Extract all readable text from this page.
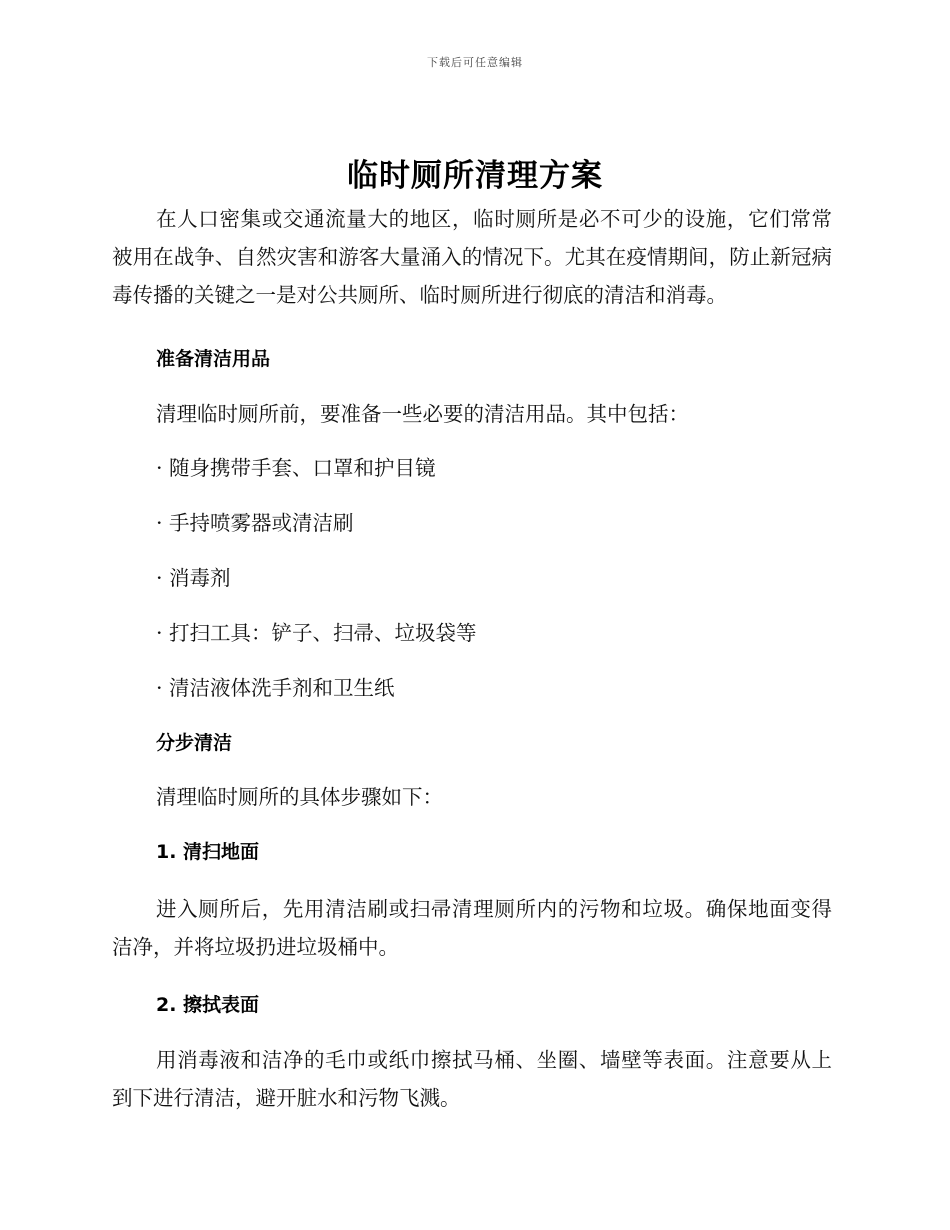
下载后可任意编辑
临时厕所清理方案

在人口密集或交通流量大的地区，临时厕所是必不可少的设施，它们常常被用在战争、自然灾害和游客大量涌入的情况下。尤其在疫情期间，防止新冠病毒传播的关键之一是对公共厕所、临时厕所进行彻底的清洁和消毒。

准备清洁用品
清理临时厕所前，要准备一些必要的清洁用品。其中包括：
· 随身携带手套、口罩和护目镜
· 手持喷雾器或清洁刷
· 消毒剂
· 打扫工具：铲子、扫帚、垃圾袋等
· 清洁液体洗手剂和卫生纸
分步清洁
清理临时厕所的具体步骤如下：
1. 清扫地面

进入厕所后，先用清洁刷或扫帚清理厕所内的污物和垃圾。确保地面变得洁净，并将垃圾扔进垃圾桶中。

2. 擦拭表面

用消毒液和洁净的毛巾或纸巾擦拭马桶、坐圈、墙壁等表面。注意要从上到下进行清洁，避开脏水和污物飞溅。
